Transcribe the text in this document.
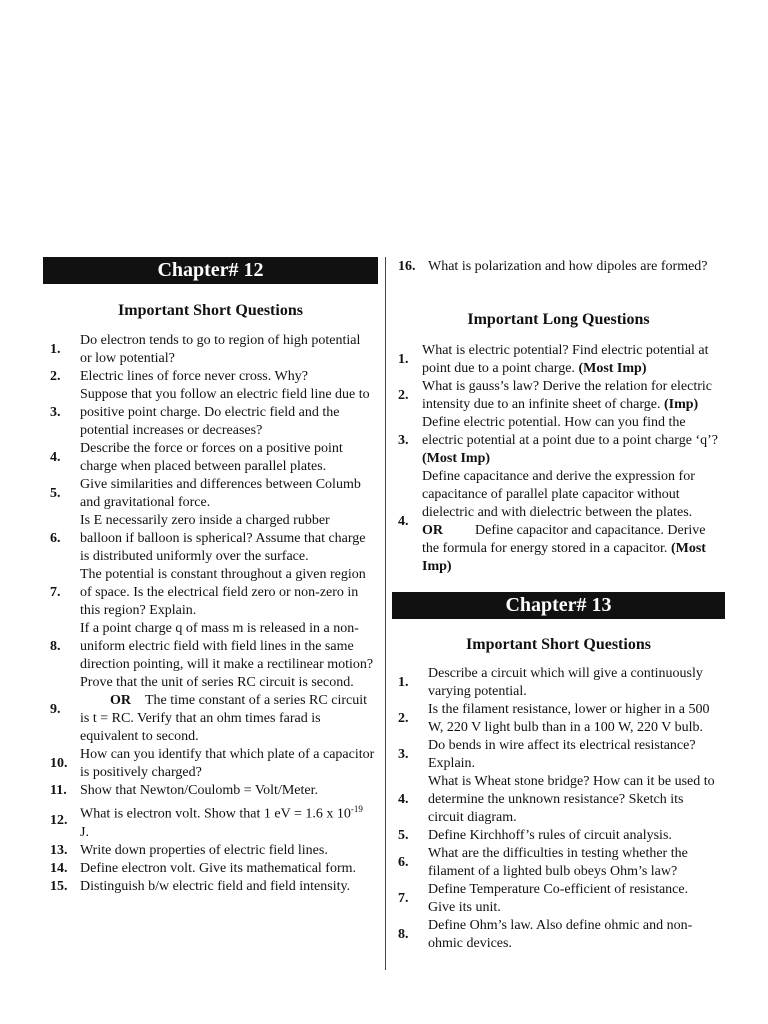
Chapter# 12
Important Short Questions
1.
Do electron tends to go to region of high potential or low potential?
2.	Electric lines of force never cross. Why?
3.
Suppose that you follow an electric field line due to positive point charge. Do electric field and the potential increases or decreases?
4.
Describe the force or forces on a positive point charge when placed between parallel plates.
5.
Give similarities and differences between Columb and gravitational force.
6.
Is E necessarily zero inside a charged rubber balloon if balloon is spherical? Assume that charge is distributed uniformly over the surface.
7.
The potential is constant throughout a given region of space. Is the electrical field zero or non-zero in this region? Explain.
8.
If a point charge q of mass m is released in a non-uniform electric field with field lines in the same direction pointing, will it make a rectilinear motion?
9.
Prove that the unit of series RC circuit is second.OR The time constant of a series RC circuit is t = RC. Verify that an ohm times farad is equivalent to second.
10.
How can you identify that which plate of a capacitor is positively charged?
11. Show that Newton/Coulomb = Volt/Meter.
12. What is electron volt. Show that 1 eV = 1.6 x $10^{-19}$ J.
13. Write down properties of electric field lines.
14. Define electron volt. Give its mathematical form.
15. Distinguish b/w electric field and field intensity.
16. What is polarization and how dipoles are formed?
Important Long Questions
1.
What is electric potential? Find electric potential at point due to a point charge. (Most Imp)
2.
What is gauss’s law? Derive the relation for electric intensity due to an infinite sheet of charge. (Imp)
3.
Define electric potential. How can you find the electric potential at a point due to a point charge ‘q’? (Most Imp)
4.
Define capacitance and derive the expression for capacitance of parallel plate capacitor without dielectric and with dielectric between the plates.
OR Define capacitor and capacitance. Derive the formula for energy stored in a capacitor. (Most Imp)
Chapter# 13
Important Short Questions
1.
Describe a circuit which will give a continuously varying potential.
2.
Is the filament resistance, lower or higher in a 500 W, 220 V light bulb than in a 100 W, 220 V bulb.
3.
Do bends in wire affect its electrical resistance? Explain.
4.
What is Wheat stone bridge? How can it be used to determine the unknown resistance? Sketch its circuit diagram.
5.	Define Kirchhoff’s rules of circuit analysis.
6.
What are the difficulties in testing whether the filament of a lighted bulb obeys Ohm’s law?
7.
Define Temperature Co-efficient of resistance. Give its unit.
8.
Define Ohm’s law. Also define ohmic and non-ohmic devices.
